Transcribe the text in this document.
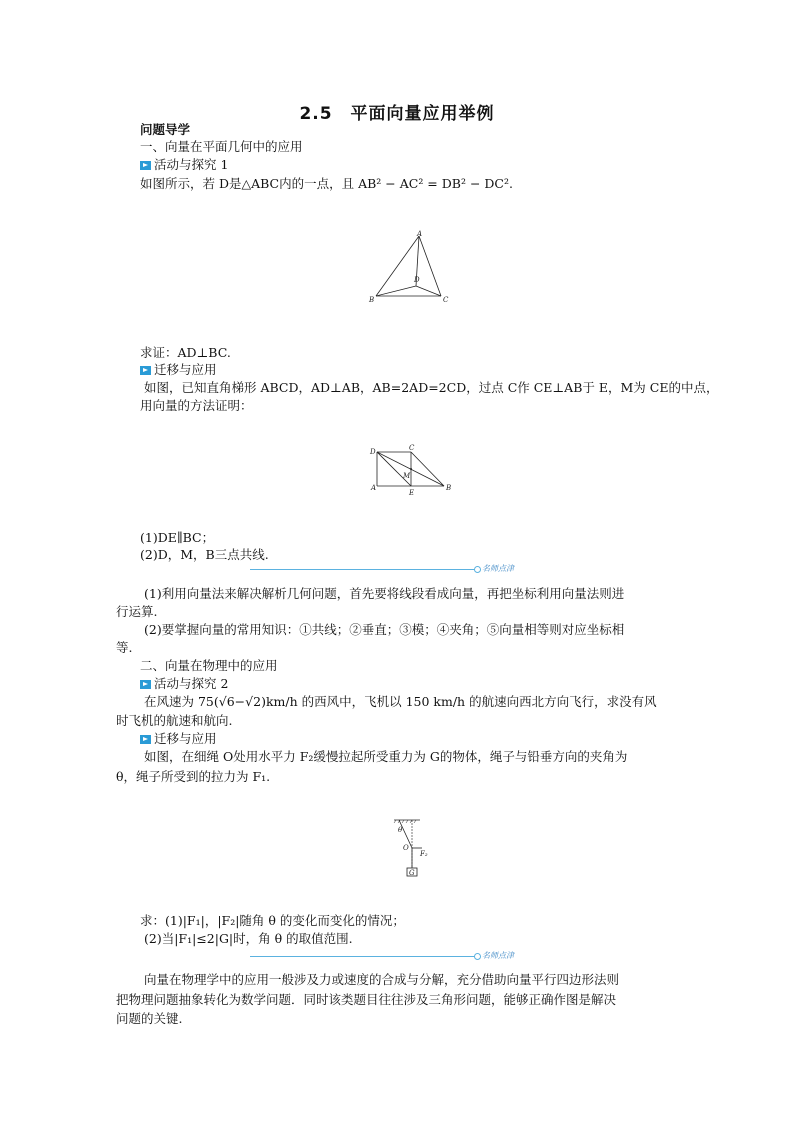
2.5　平面向量应用举例
问题导学
一、向量在平面几何中的应用
活动与探究 1
如图所示，若 D是△ABC内的一点，且 AB² − AC² = DB² − DC².
A
B	C
D
求证：AD⊥BC.
迁移与应用
如图，已知直角梯形 ABCD，AD⊥AB，AB=2AD=2CD，过点 C作 CE⊥AB于 E，M为 CE的中点，
用向量的方法证明：
D	C
M
A
E
B
(1)DE∥BC；
(2)D，M，B三点共线.
名师点津
(1)利用向量法来解决解析几何问题，首先要将线段看成向量，再把坐标利用向量法则进
行运算.
(2)要掌握向量的常用知识：①共线；②垂直；③模；④夹角；⑤向量相等则对应坐标相
等.
二、向量在物理中的应用
活动与探究 2
在风速为 75(√6−√2)km/h 的西风中，飞机以 150 km/h 的航速向西北方向飞行，求没有风
时飞机的航速和航向.
迁移与应用
如图，在细绳 O处用水平力 F₂缓慢拉起所受重力为 G的物体，绳子与铅垂方向的夹角为
θ，绳子所受到的拉力为 F₁.
θ
O
F₂
G
求：(1)|F₁|，|F₂|随角 θ 的变化而变化的情况；
(2)当|F₁|≤2|G|时，角 θ 的取值范围.
名师点津
向量在物理学中的应用一般涉及力或速度的合成与分解，充分借助向量平行四边形法则
把物理问题抽象转化为数学问题．同时该类题目往往涉及三角形问题，能够正确作图是解决
问题的关键.
